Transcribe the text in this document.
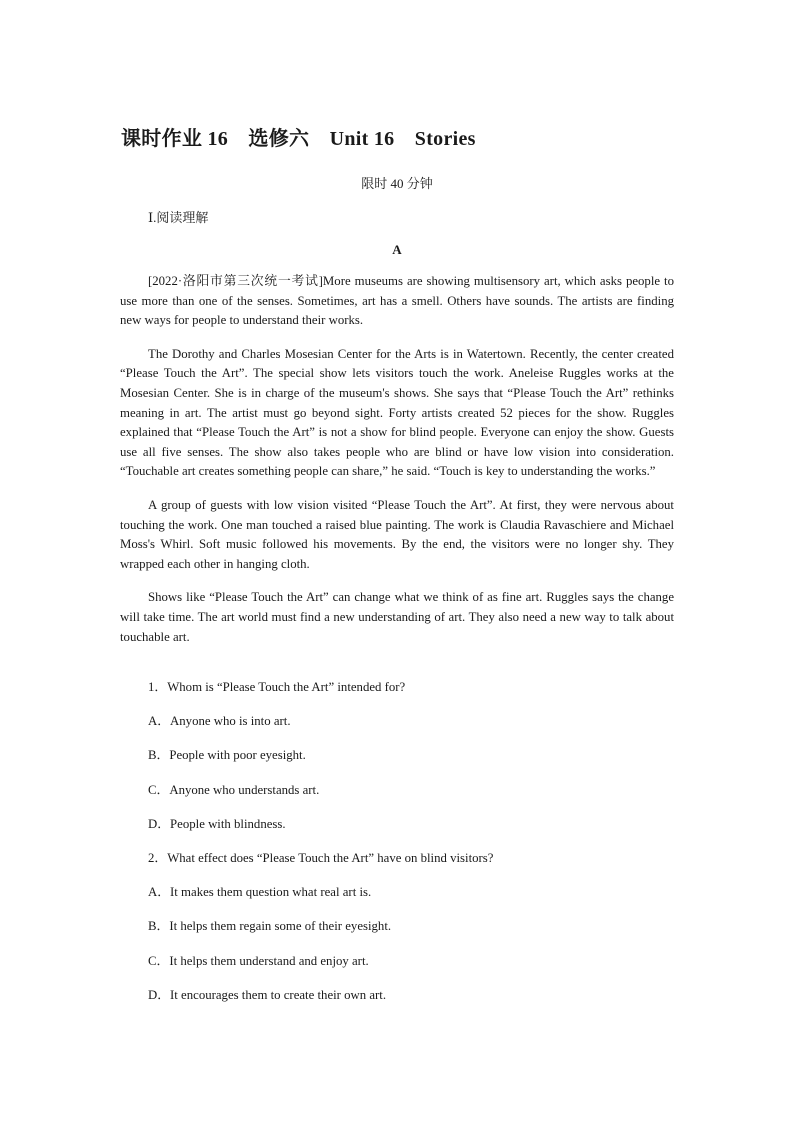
课时作业 16　选修六　Unit 16　Stories
限时 40 分钟
Ⅰ.阅读理解
A

[2022·洛阳市第三次统一考试]More museums are showing multisensory art, which asks people to use more than one of the senses. Sometimes, art has a smell. Others have sounds. The artists are finding new ways for people to understand their works.

The Dorothy and Charles Mosesian Center for the Arts is in Watertown. Recently, the center created “Please Touch the Art”. The special show lets visitors touch the work. Aneleise Ruggles works at the Mosesian Center. She is in charge of the museum's shows. She says that “Please Touch the Art” rethinks meaning in art. The artist must go beyond sight. Forty artists created 52 pieces for the show. Ruggles explained that “Please Touch the Art” is not a show for blind people. Everyone can enjoy the show. Guests use all five senses. The show also takes people who are blind or have low vision into consideration. “Touchable art creates something people can share,” he said. “Touch is key to understanding the works.”

A group of guests with low vision visited “Please Touch the Art”. At first, they were nervous about touching the work. One man touched a raised blue painting. The work is Claudia Ravaschiere and Michael Moss's Whirl. Soft music followed his movements. By the end, the visitors were no longer shy. They wrapped each other in hanging cloth.

Shows like “Please Touch the Art” can change what we think of as fine art. Ruggles says the change will take time. The art world must find a new understanding of art. They also need a new way to talk about touchable art.

1．Whom is “Please Touch the Art” intended for?
A．Anyone who is into art.
B．People with poor eyesight.
C．Anyone who understands art.
D．People with blindness.
2．What effect does “Please Touch the Art” have on blind visitors?
A．It makes them question what real art is.
B．It helps them regain some of their eyesight.
C．It helps them understand and enjoy art.
D．It encourages them to create their own art.
